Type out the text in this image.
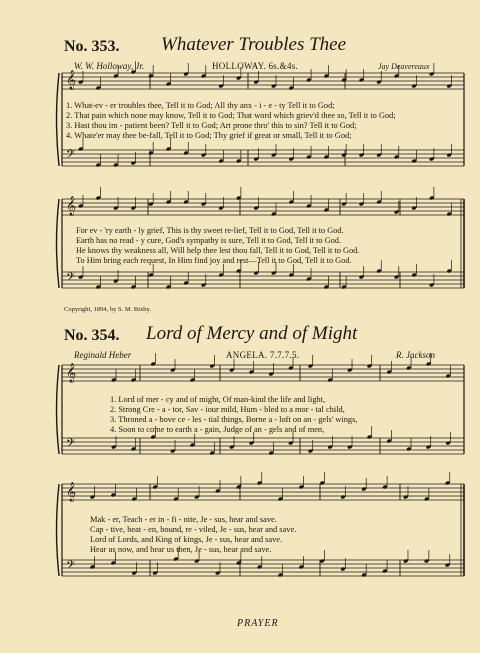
𝄞
𝄞
𝄞
𝄞
𝄢
𝄢
𝄢
𝄢
No. 353. Whatever Troubles Thee
W. W. Holloway, Jr.	HOLLOWAY. 6s.&4s.	Jay Deavereaux
1. What-ev - er troubles thee, Tell it to God; All thy anx - i - e - ty Tell it to God;
2. That pain which none may know, Tell it to God; That word which griev'd thee so, Tell it to God;
3. Hast thou im - patient been? Tell it to God; Art prone thro' this to sin? Tell it to God;
4. Whate'er may thee be-fall, Tell it to God; Thy grief if great or small, Tell it to God;
For ev - 'ry earth - ly grief, This is thy sweet re-lief, Tell it to God, Tell it to God.
Earth has no read - y cure, God's sympathy is sure, Tell it to God, Tell it to God.
He knows thy weakness all, Will help thee lest thou fall, Tell it to God, Tell it to God.
To Him bring each request, In Him find joy and rest—Tell it to God, Tell it to God.
Copyright, 1894, by S. M. Bixby.
No. 354. Lord of Mercy and of Might
Reginald Heber	ANGELA. 7.7.7.5.	R. Jackson
1. Lord of mer - cy and of might, Of man-kind the life and light,
2. Strong Cre - a - tor, Sav - iour mild, Hum - bled to a mor - tal child,
3. Throned a - bove ce - les - tial things, Borne a - loft on an - gels' wings,
4. Soon to come to earth a - gain, Judge of an - gels and of men,
Mak - er, Teach - er in - fi - nite, Je - sus, hear and save.
Cap - tive, beat - en, bound, re - viled, Je - sus, hear and save.
Lord of Lords, and King of kings, Je - sus, hear and save.
Hear us now, and hear us then, Je - sus, hear and save.
PRAYER
